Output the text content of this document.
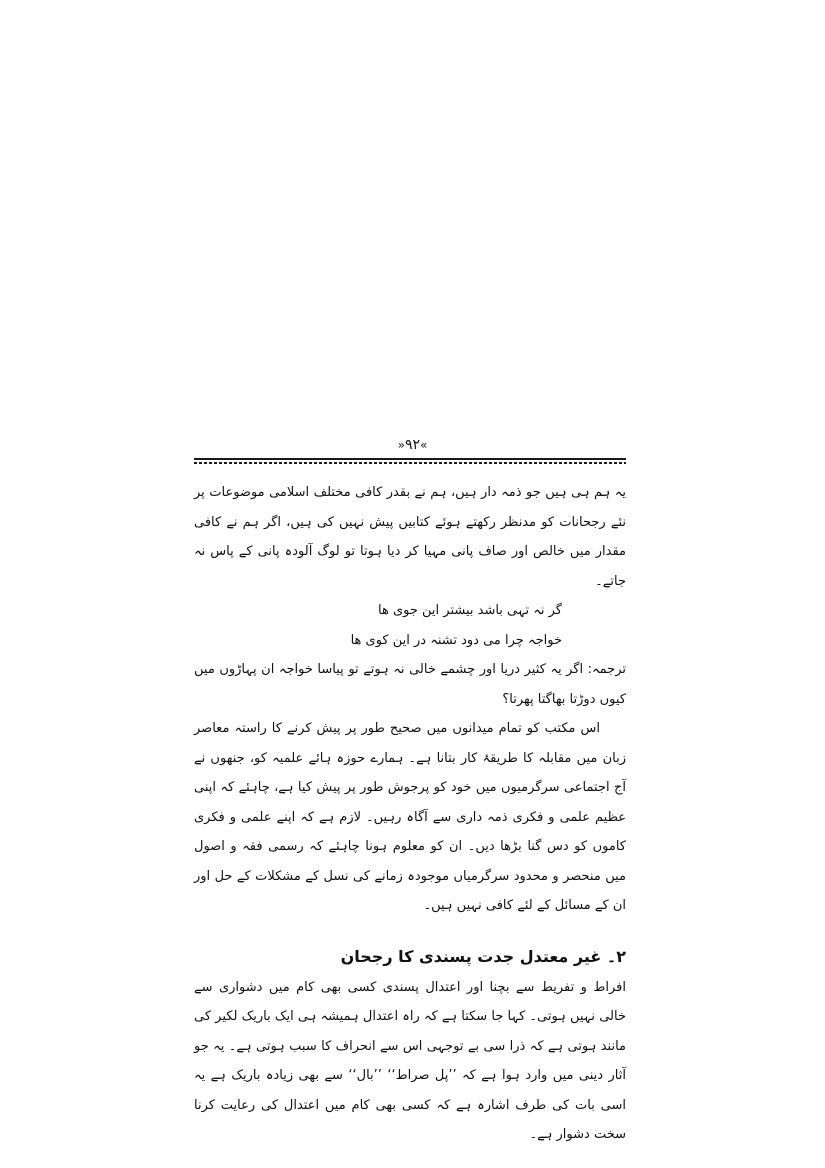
»۹۲«

یہ ہم ہی ہیں جو ذمہ دار ہیں، ہم نے بقدر کافی مختلف اسلامی موضوعات پر نئے رجحانات کو مدنظر رکھتے ہوئے کتابیں پیش نہیں کی ہیں، اگر ہم نے کافی مقدار میں خالص اور صاف پانی مہیا کر دیا ہوتا تو لوگ آلودہ پانی کے پاس نہ جاتے۔

گر نہ تہی باشد بیشتر این جوی ھا

خواجہ چرا می دود تشنہ در این کوی ھا

ترجمہ: اگر یہ کثیر دریا اور چشمے خالی نہ ہوتے تو پیاسا خواجہ ان پہاڑوں میں کیوں دوڑتا بھاگتا پھرتا؟

اس مکتب کو تمام میدانوں میں صحیح طور پر پیش کرنے کا راستہ معاصر زبان میں مقابلہ کا طریقۂ کار بتانا ہے۔ ہمارے حوزہ ہائے علمیہ کو، جنھوں نے آج اجتماعی سرگرمیوں میں خود کو پرجوش طور پر پیش کیا ہے، چاہئے کہ اپنی عظیم علمی و فکری ذمہ داری سے آگاہ رہیں۔ لازم ہے کہ اپنے علمی و فکری کاموں کو دس گنا بڑھا دیں۔ ان کو معلوم ہونا چاہئے کہ رسمی فقہ و اصول میں منحصر و محدود سرگرمیاں موجودہ زمانے کی نسل کے مشکلات کے حل اور ان کے مسائل کے لئے کافی نہیں ہیں۔

۲۔ غیر معتدل جدت پسندی کا رجحان

افراط و تفریط سے بچنا اور اعتدال پسندی کسی بھی کام میں دشواری سے خالی نہیں ہوتی۔ کہا جا سکتا ہے کہ راہ اعتدال ہمیشہ ہی ایک باریک لکیر کی مانند ہوتی ہے کہ ذرا سی بے توجہی اس سے انحراف کا سبب ہوتی ہے۔ یہ جو آثار دینی میں وارد ہوا ہے کہ ’’پل صراط‘‘ ’’بال‘‘ سے بھی زیادہ باریک ہے یہ اسی بات کی طرف اشارہ ہے کہ کسی بھی کام میں اعتدال کی رعایت کرنا سخت دشوار ہے۔
